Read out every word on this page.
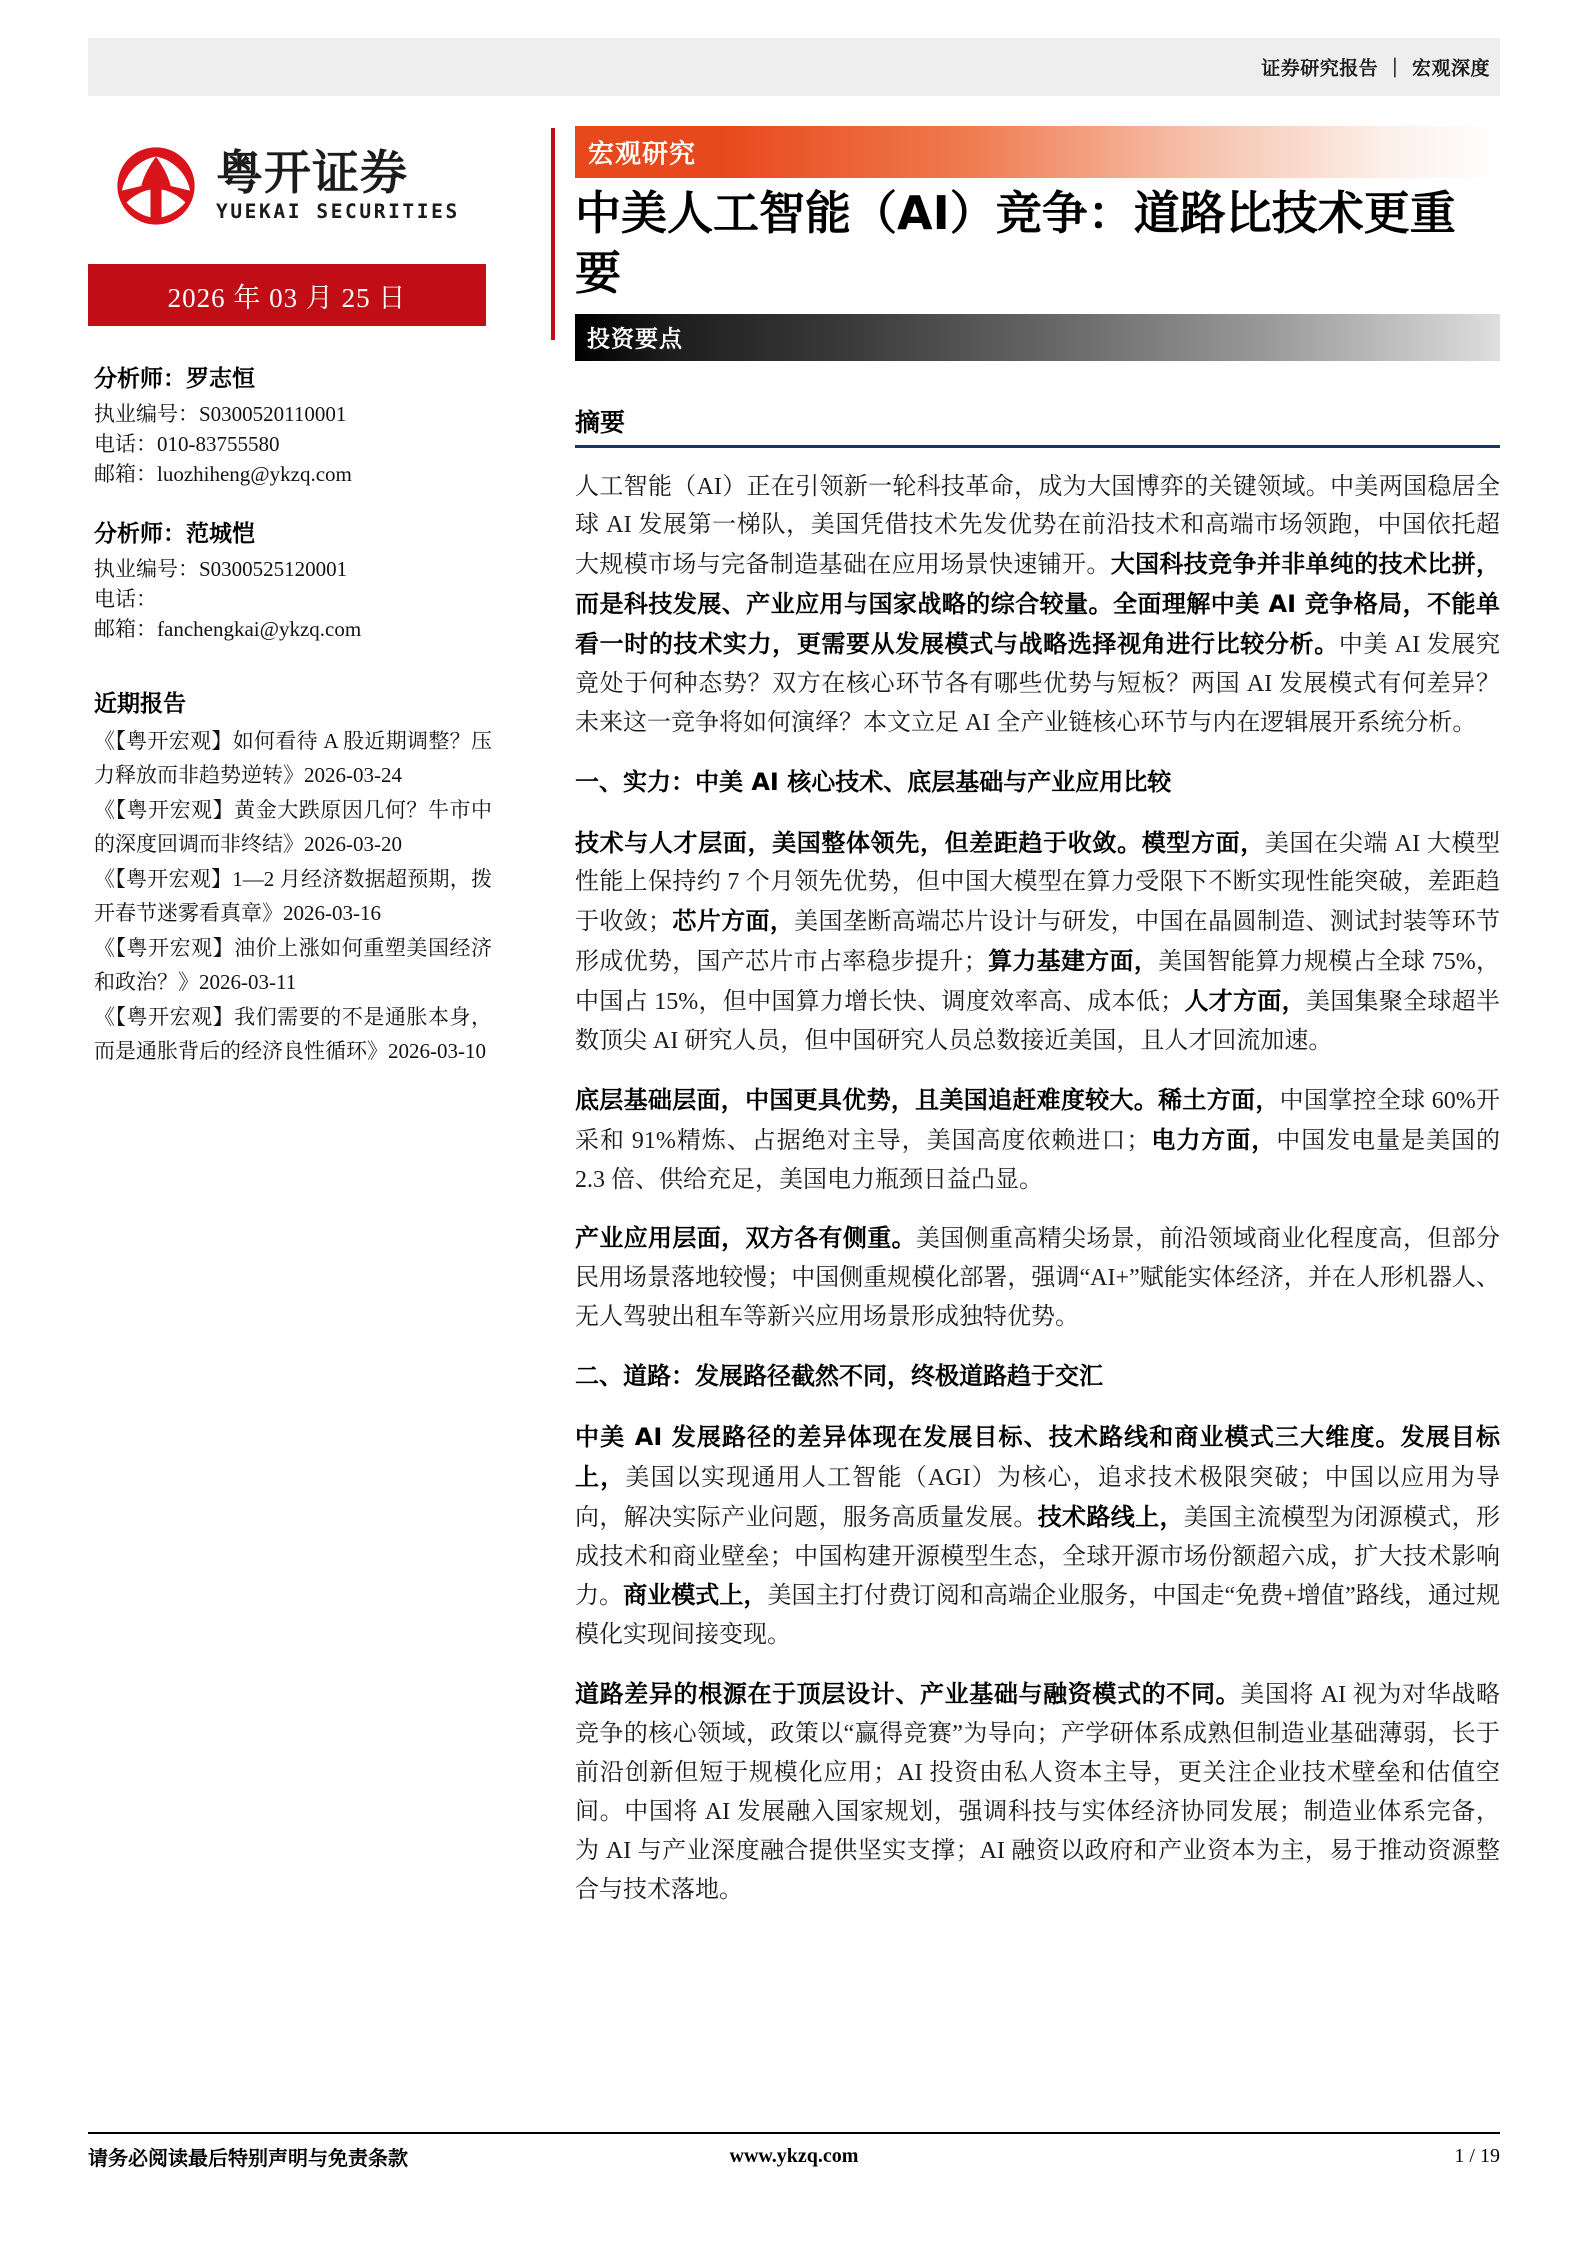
证券研究报告 ｜ 宏观深度
粤开证券
YUEKAI SECURITIES
2026 年 03 月 25 日
分析师：罗志恒
执业编号：S0300520110001
电话：010-83755580
邮箱：luozhiheng@ykzq.com
分析师：范城恺
执业编号：S0300525120001
电话：
邮箱：fanchengkai@ykzq.com
近期报告
《【粤开宏观】如何看待 A 股近期调整？压力释放而非趋势逆转》2026-03-24
《【粤开宏观】黄金大跌原因几何？牛市中的深度回调而非终结》2026-03-20
《【粤开宏观】1—2 月经济数据超预期，拨开春节迷雾看真章》2026-03-16
《【粤开宏观】油价上涨如何重塑美国经济和政治？》2026-03-11
《【粤开宏观】我们需要的不是通胀本身，而是通胀背后的经济良性循环》2026-03-10
宏观研究
中美人工智能（AI）竞争：道路比技术更重要
投资要点
摘要

人工智能（AI）正在引领新一轮科技革命，成为大国博弈的关键领域。中美两国稳居全球 AI 发展第一梯队，美国凭借技术先发优势在前沿技术和高端市场领跑，中国依托超大规模市场与完备制造基础在应用场景快速铺开。大国科技竞争并非单纯的技术比拼，而是科技发展、产业应用与国家战略的综合较量。全面理解中美 AI 竞争格局，不能单看一时的技术实力，更需要从发展模式与战略选择视角进行比较分析。中美 AI 发展究竟处于何种态势？双方在核心环节各有哪些优势与短板？两国 AI 发展模式有何差异？未来这一竞争将如何演绎？本文立足 AI 全产业链核心环节与内在逻辑展开系统分析。

一、实力：中美 AI 核心技术、底层基础与产业应用比较

技术与人才层面，美国整体领先，但差距趋于收敛。模型方面，美国在尖端 AI 大模型性能上保持约 7 个月领先优势，但中国大模型在算力受限下不断实现性能突破，差距趋于收敛；芯片方面，美国垄断高端芯片设计与研发，中国在晶圆制造、测试封装等环节形成优势，国产芯片市占率稳步提升；算力基建方面，美国智能算力规模占全球 75%，中国占 15%，但中国算力增长快、调度效率高、成本低；人才方面，美国集聚全球超半数顶尖 AI 研究人员，但中国研究人员总数接近美国，且人才回流加速。

底层基础层面，中国更具优势，且美国追赶难度较大。稀土方面，中国掌控全球 60%开采和 91%精炼、占据绝对主导，美国高度依赖进口；电力方面，中国发电量是美国的 2.3 倍、供给充足，美国电力瓶颈日益凸显。

产业应用层面，双方各有侧重。美国侧重高精尖场景，前沿领域商业化程度高，但部分民用场景落地较慢；中国侧重规模化部署，强调“AI+”赋能实体经济，并在人形机器人、无人驾驶出租车等新兴应用场景形成独特优势。

二、道路：发展路径截然不同，终极道路趋于交汇

中美 AI 发展路径的差异体现在发展目标、技术路线和商业模式三大维度。发展目标上，美国以实现通用人工智能（AGI）为核心，追求技术极限突破；中国以应用为导向，解决实际产业问题，服务高质量发展。技术路线上，美国主流模型为闭源模式，形成技术和商业壁垒；中国构建开源模型生态，全球开源市场份额超六成，扩大技术影响力。商业模式上，美国主打付费订阅和高端企业服务，中国走“免费+增值”路线，通过规模化实现间接变现。

道路差异的根源在于顶层设计、产业基础与融资模式的不同。美国将 AI 视为对华战略竞争的核心领域，政策以“赢得竞赛”为导向；产学研体系成熟但制造业基础薄弱，长于前沿创新但短于规模化应用；AI 投资由私人资本主导，更关注企业技术壁垒和估值空间。中国将 AI 发展融入国家规划，强调科技与实体经济协同发展；制造业体系完备，为 AI 与产业深度融合提供坚实支撑；AI 融资以政府和产业资本为主，易于推动资源整合与技术落地。

请务必阅读最后特别声明与免责条款	www.ykzq.com	1 / 19
